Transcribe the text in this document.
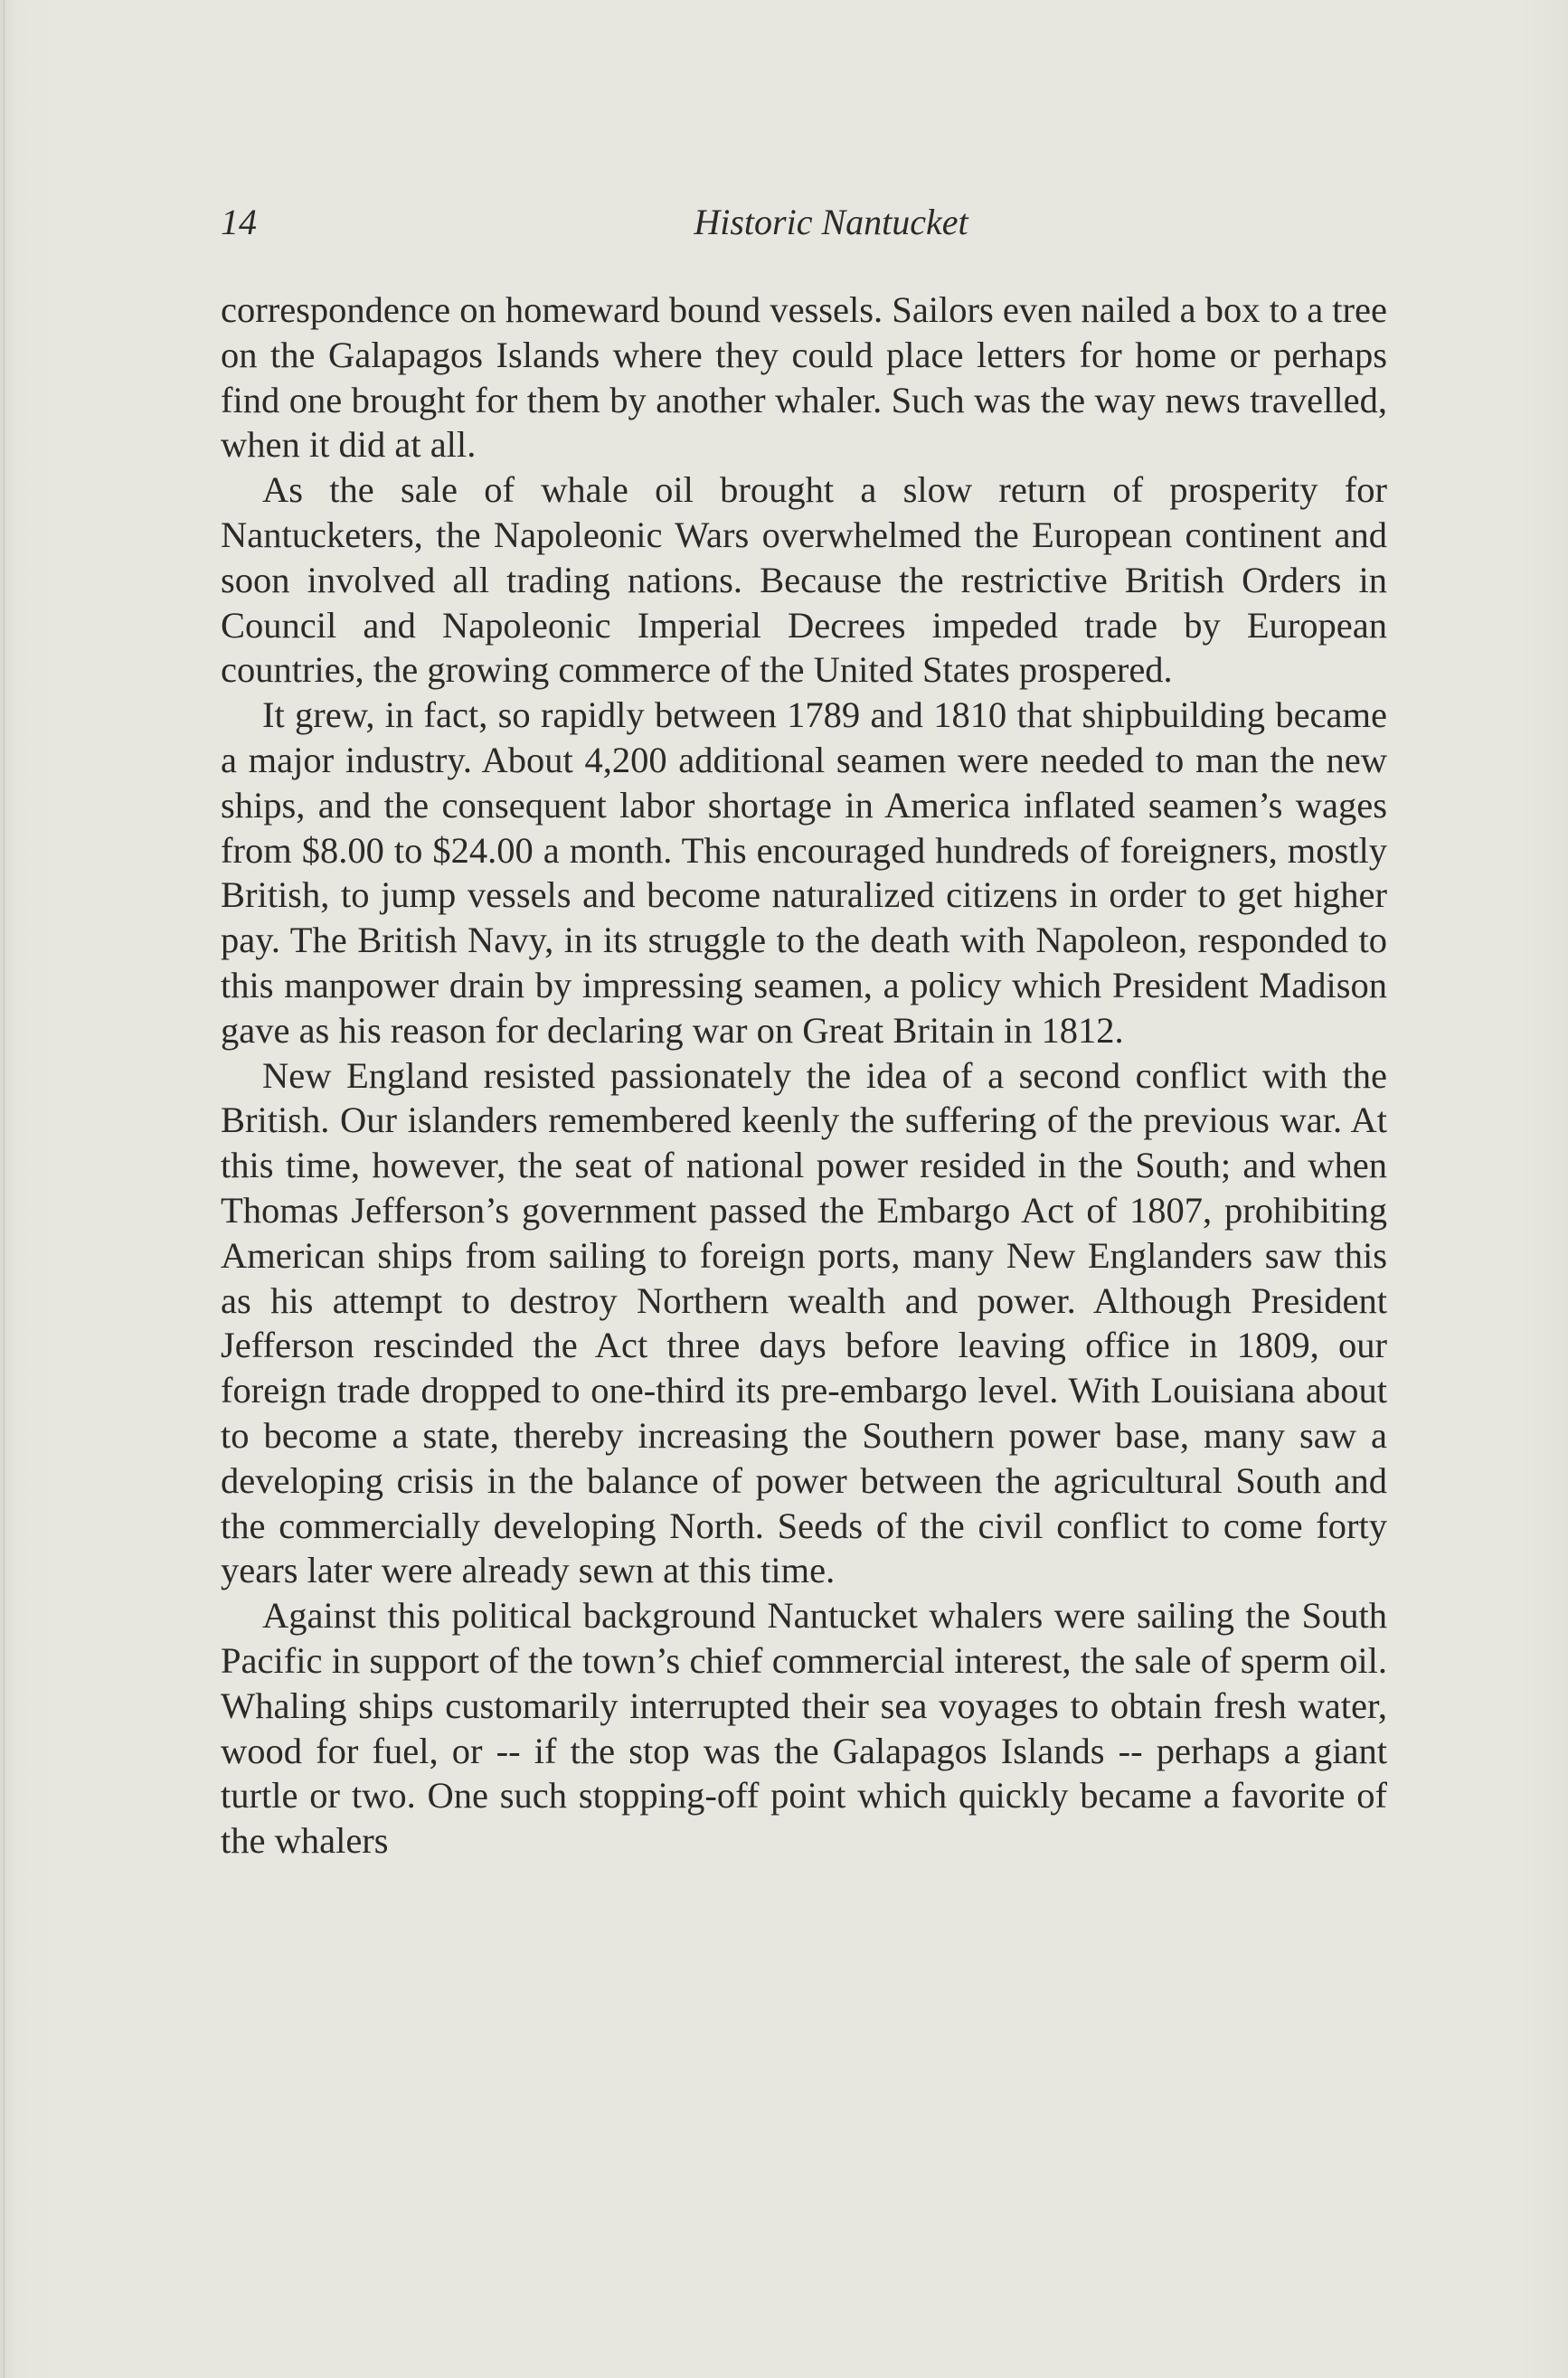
14	Historic Nantucket

correspondence on homeward bound vessels. Sailors even nailed a box to a tree on the Galapagos Islands where they could place letters for home or perhaps find one brought for them by another whaler. Such was the way news travelled, when it did at all.

As the sale of whale oil brought a slow return of prosperity for Nantucketers, the Napoleonic Wars overwhelmed the European continent and soon involved all trading nations. Because the restrictive British Orders in Council and Napoleonic Imperial Decrees impeded trade by European countries, the growing commerce of the United States prospered.

It grew, in fact, so rapidly between 1789 and 1810 that shipbuilding became a major industry. About 4,200 additional seamen were needed to man the new ships, and the consequent labor shortage in America inflated seamen’s wages from $8.00 to $24.00 a month. This encouraged hundreds of foreigners, mostly British, to jump vessels and become naturalized citizens in order to get higher pay. The British Navy, in its struggle to the death with Napoleon, responded to this manpower drain by impressing seamen, a policy which President Madison gave as his reason for declaring war on Great Britain in 1812.

New England resisted passionately the idea of a second conflict with the British. Our islanders remembered keenly the suffering of the previous war. At this time, however, the seat of national power resided in the South; and when Thomas Jefferson’s government passed the Embargo Act of 1807, prohibiting American ships from sailing to foreign ports, many New Englanders saw this as his attempt to destroy Northern wealth and power. Although President Jefferson rescinded the Act three days before leaving office in 1809, our foreign trade dropped to one-third its pre-embargo level. With Louisiana about to become a state, thereby increasing the Southern power base, many saw a developing crisis in the balance of power between the agricultural South and the commercially developing North. Seeds of the civil conflict to come forty years later were already sewn at this time.

Against this political background Nantucket whalers were sailing the South Pacific in support of the town’s chief commercial interest, the sale of sperm oil. Whaling ships customarily interrupted their sea voyages to obtain fresh water, wood for fuel, or -- if the stop was the Galapagos Islands -- perhaps a giant turtle or two. One such stopping-off point which quickly became a favorite of the whalers
